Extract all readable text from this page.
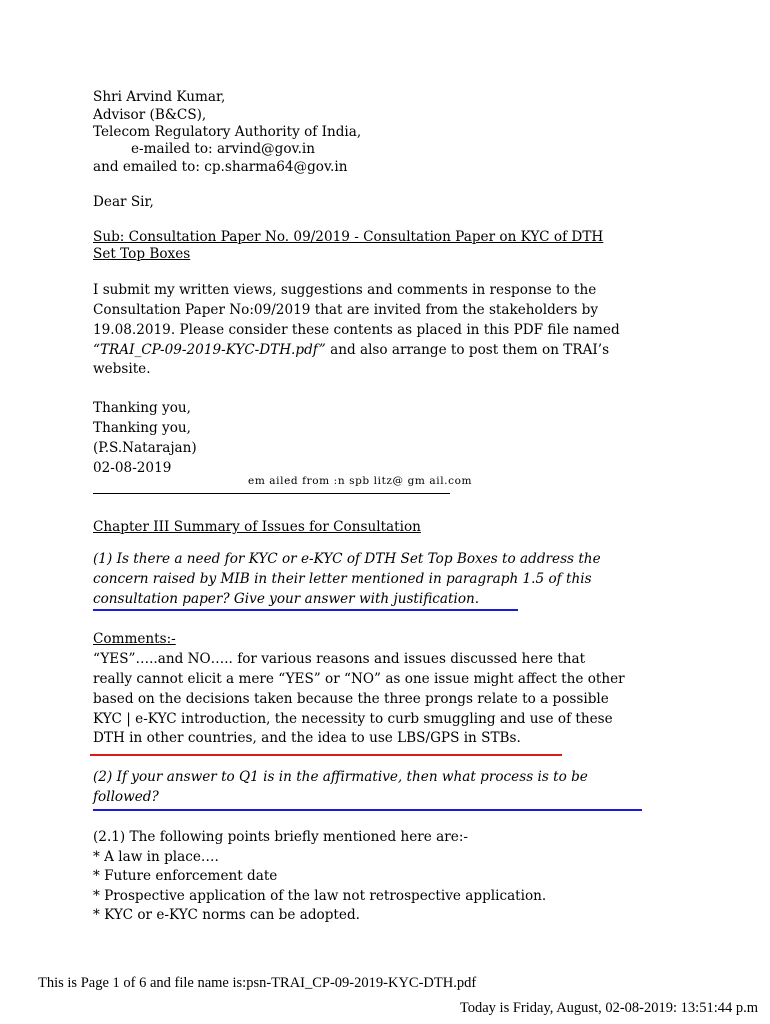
Shri Arvind Kumar,
Advisor (B&CS),
Telecom Regulatory Authority of India,
e-mailed to: arvind@gov.in
and emailed to: cp.sharma64@gov.in
Dear Sir,
Sub: Consultation Paper No. 09/2019 - Consultation Paper on KYC of DTH
Set Top Boxes
I submit my written views, suggestions and comments in response to the
Consultation Paper No:09/2019 that are invited from the stakeholders by
19.08.2019. Please consider these contents as placed in this PDF file named
“TRAI_CP-09-2019-KYC-DTH.pdf” and also arrange to post them on TRAI’s
website.
Thanking you,
Thanking you,
(P.S.Natarajan)
02-08-2019
em ailed from :n spb litz@ gm ail.com
Chapter III Summary of Issues for Consultation
(1) Is there a need for KYC or e-KYC of DTH Set Top Boxes to address the
concern raised by MIB in their letter mentioned in paragraph 1.5 of this
consultation paper? Give your answer with justification.
Comments:-
“YES”…..and NO….. for various reasons and issues discussed here that
really cannot elicit a mere “YES” or “NO” as one issue might affect the other
based on the decisions taken because the three prongs relate to a possible
KYC | e-KYC introduction, the necessity to curb smuggling and use of these
DTH in other countries, and the idea to use LBS/GPS in STBs.
(2) If your answer to Q1 is in the affirmative, then what process is to be
followed?
(2.1) The following points briefly mentioned here are:-
* A law in place….
* Future enforcement date
* Prospective application of the law not retrospective application.
* KYC or e-KYC norms can be adopted.
This is Page 1 of 6 and file name is:psn-TRAI_CP-09-2019-KYC-DTH.pdf
Today is Friday, August, 02-08-2019: 13:51:44 p.m
